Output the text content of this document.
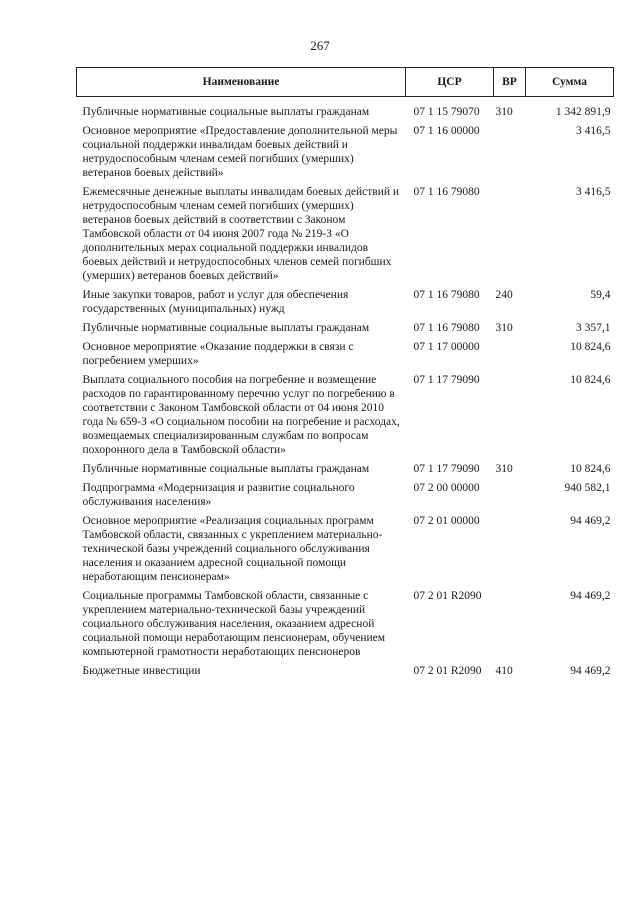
267
Наименование	ЦСР	ВР	Сумма

Публичные нормативные социальные выплаты гражданам	07 1 15 79070	310	1 342 891,9
Основное мероприятие «Предоставление дополнительной меры социальной поддержки инвалидам боевых действий и нетрудоспособным членам семей погибших (умерших) ветеранов боевых действий»	07 1 16 00000		3 416,5
Ежемесячные денежные выплаты инвалидам боевых действий и нетрудоспособным членам семей погибших (умерших) ветеранов боевых действий в соответствии с Законом Тамбовской области от 04 июня 2007 года № 219-З «О дополнительных мерах социальной поддержки инвалидов боевых действий и нетрудоспособных членов семей погибших (умерших) ветеранов боевых действий»	07 1 16 79080		3 416,5
Иные закупки товаров, работ и услуг для обеспечения государственных (муниципальных) нужд	07 1 16 79080	240	59,4
Публичные нормативные социальные выплаты гражданам	07 1 16 79080	310	3 357,1
Основное мероприятие «Оказание поддержки в связи с погребением умерших»	07 1 17 00000		10 824,6
Выплата социального пособия на погребение и возмещение расходов по гарантированному перечню услуг по погребению в соответствии с Законом Тамбовской области от 04 июня 2010 года № 659-З «О социальном пособии на погребение и расходах, возмещаемых специализированным службам по вопросам похоронного дела в Тамбовской области»	07 1 17 79090		10 824,6
Публичные нормативные социальные выплаты гражданам	07 1 17 79090	310	10 824,6
Подпрограмма «Модернизация и развитие социального обслуживания населения»	07 2 00 00000		940 582,1
Основное мероприятие «Реализация социальных программ Тамбовской области, связанных с укреплением материально-технической базы учреждений социального обслуживания населения и оказанием адресной социальной помощи неработающим пенсионерам»	07 2 01 00000		94 469,2
Социальные программы Тамбовской области, связанные с укреплением материально-технической базы учреждений социального обслуживания населения, оказанием адресной социальной помощи неработающим пенсионерам, обучением компьютерной грамотности неработающих пенсионеров	07 2 01 R2090		94 469,2
Бюджетные инвестиции	07 2 01 R2090	410	94 469,2
